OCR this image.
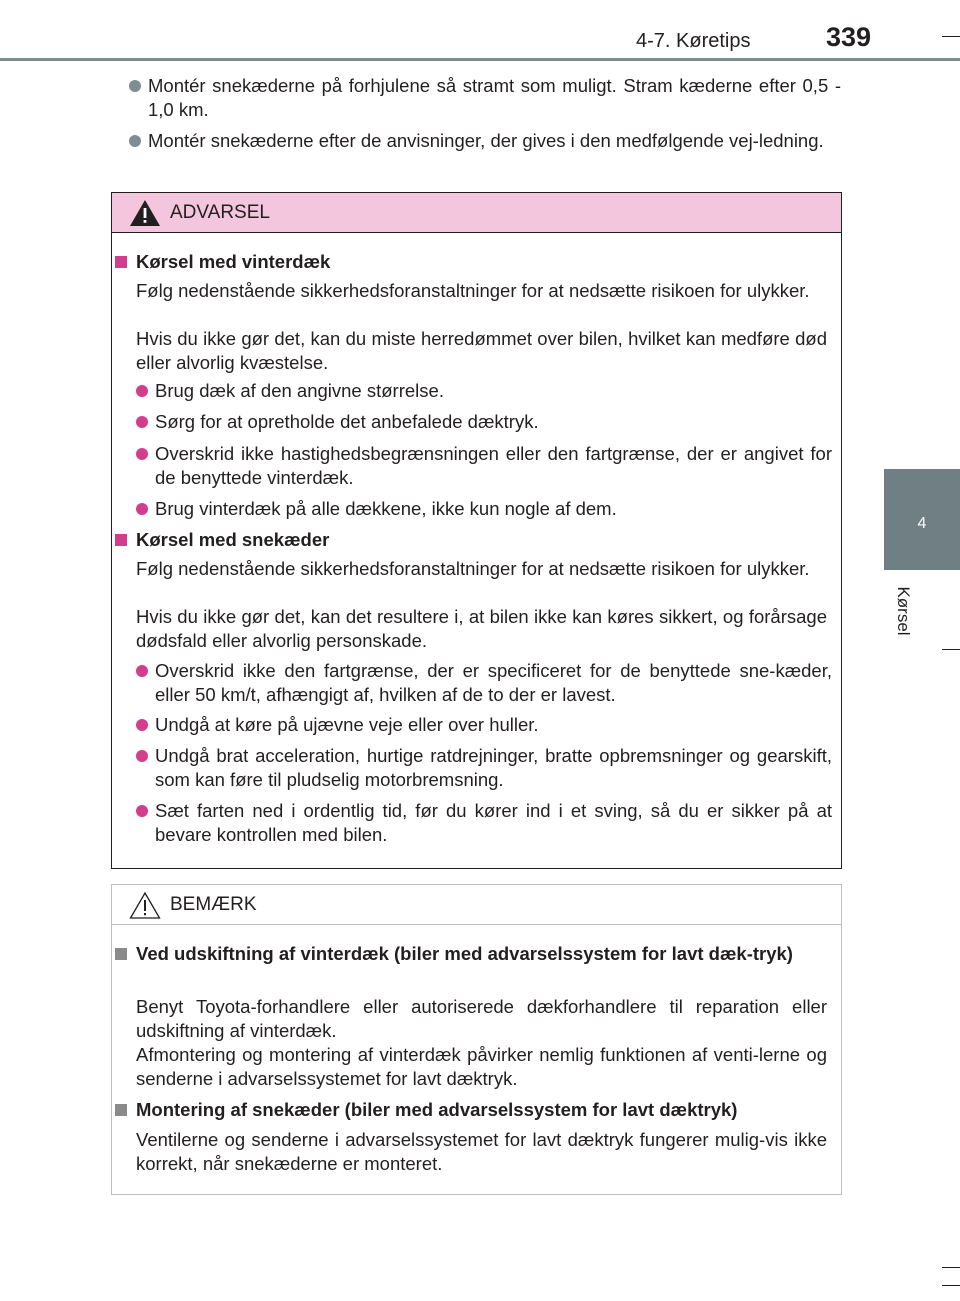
4-7. Køretips	339
4
Kørsel
Montér snekæderne på forhjulene så stramt som muligt. Stram kæderne efter 0,5 - 1,0 km.
Montér snekæderne efter de anvisninger, der gives i den medfølgende vej-ledning.
ADVARSEL
Kørsel med vinterdæk
Følg nedenstående sikkerhedsforanstaltninger for at nedsætte risikoen for ulykker.
Hvis du ikke gør det, kan du miste herredømmet over bilen, hvilket kan medføre død eller alvorlig kvæstelse.
Brug dæk af den angivne størrelse.
Sørg for at opretholde det anbefalede dæktryk.
Overskrid ikke hastighedsbegrænsningen eller den fartgrænse, der er angivet for de benyttede vinterdæk.
Brug vinterdæk på alle dækkene, ikke kun nogle af dem.
Kørsel med snekæder
Følg nedenstående sikkerhedsforanstaltninger for at nedsætte risikoen for ulykker.
Hvis du ikke gør det, kan det resultere i, at bilen ikke kan køres sikkert, og forårsage dødsfald eller alvorlig personskade.
Overskrid ikke den fartgrænse, der er specificeret for de benyttede sne-kæder, eller 50 km/t, afhængigt af, hvilken af de to der er lavest.
Undgå at køre på ujævne veje eller over huller.
Undgå brat acceleration, hurtige ratdrejninger, bratte opbremsninger og gearskift, som kan føre til pludselig motorbremsning.
Sæt farten ned i ordentlig tid, før du kører ind i et sving, så du er sikker på at bevare kontrollen med bilen.
BEMÆRK
Ved udskiftning af vinterdæk (biler med advarselssystem for lavt dæk-tryk)
Benyt Toyota-forhandlere eller autoriserede dækforhandlere til reparation eller udskiftning af vinterdæk.
Afmontering og montering af vinterdæk påvirker nemlig funktionen af venti-lerne og senderne i advarselssystemet for lavt dæktryk.
Montering af snekæder (biler med advarselssystem for lavt dæktryk)
Ventilerne og senderne i advarselssystemet for lavt dæktryk fungerer mulig-vis ikke korrekt, når snekæderne er monteret.
